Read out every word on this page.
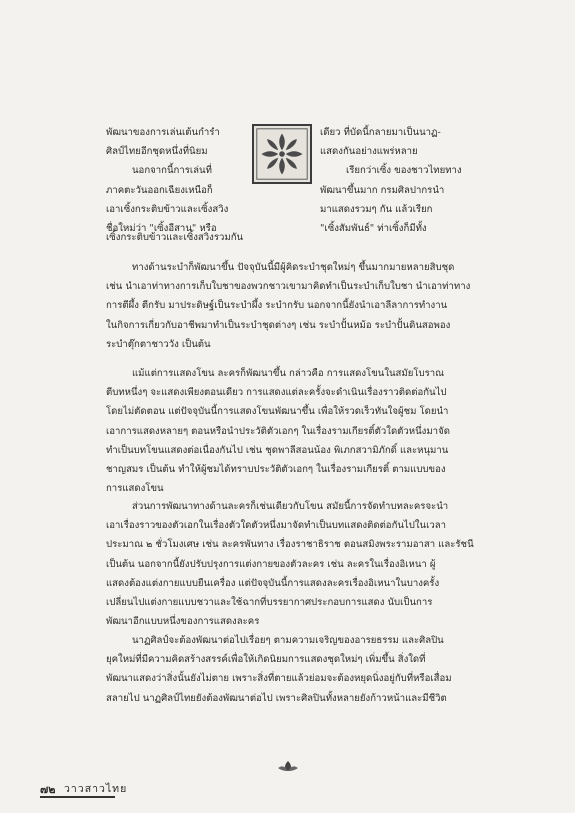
พัฒนาของการเล่นเต้นกำรำ
ศิลป์ไทยอีกชุดหนึ่งที่นิยม
นอกจากนี้การเล่นที่
ภาคตะวันออกเฉียงเหนือก็
เอาเซิ้งกระติบข้าวและเซิ้งสวิง
ชื่อใหม่ว่า "เซิ้งอีสาน" หรือ
เดียว ที่บัดนี้กลายมาเป็นนาฏ-
แสดงกันอย่างแพร่หลาย
เรียกว่าเซิ้ง ของชาวไทยทาง
พัฒนาขึ้นมาก กรมศิลปากรนำ
มาแสดงรวมๆ กัน แล้วเรียก
"เซิ้งสัมพันธ์" ท่าเซิ้งก็มีทั้ง
เซิ้งกระติบข้าวและเซิ้งสวิงรวมกัน
ทางด้านระบำก็พัฒนาขึ้น ปัจจุบันนี้มีผู้คิดระบำชุดใหม่ๆ ขึ้นมากมายหลายสิบชุด
เช่น นำเอาท่าทางการเก็บใบชาของพวกชาวเขามาคิดทำเป็นระบำเก็บใบชา นำเอาท่าทาง
การตีผึ้ง ตีกรับ มาประดิษฐ์เป็นระบำผึ้ง ระบำกรับ นอกจากนี้ยังนำเอาลีลาการทำงาน
ในกิจการเกี่ยวกับอาชีพมาทำเป็นระบำชุดต่างๆ เช่น ระบำปั้นหม้อ ระบำปั้นดินสอพอง
ระบำตุ๊กตาชาววัง เป็นต้น
แม้แต่การแสดงโขน ละครก็พัฒนาขึ้น กล่าวคือ การแสดงโขนในสมัยโบราณ
ตีบทหนึ่งๆ จะแสดงเพียงตอนเดียว การแสดงแต่ละครั้งจะดำเนินเรื่องราวติดต่อกันไป
โดยไม่ตัดตอน แต่ปัจจุบันนี้การแสดงโขนพัฒนาขึ้น เพื่อให้รวดเร็วทันใจผู้ชม โดยนำ
เอาการแสดงหลายๆ ตอนหรือนำประวัติตัวเอกๆ ในเรื่องรามเกียรติ์ตัวใดตัวหนึ่งมาจัด
ทำเป็นบทโขนแสดงต่อเนื่องกันไป เช่น ชุดพาลีสอนน้อง พิเภกสวามิภักดิ์ และหนุมาน
ชาญสมร เป็นต้น ทำให้ผู้ชมได้ทราบประวัติตัวเอกๆ ในเรื่องรามเกียรติ์ ตามแบบของ
การแสดงโขน
ส่วนการพัฒนาทางด้านละครก็เช่นเดียวกับโขน สมัยนี้การจัดทำบทละครจะนำ
เอาเรื่องราวของตัวเอกในเรื่องตัวใดตัวหนึ่งมาจัดทำเป็นบทแสดงติดต่อกันไปในเวลา
ประมาณ ๒ ชั่วโมงเศษ เช่น ละครพันทาง เรื่องราชาธิราช ตอนสมิงพระรามอาสา และรัชนี
เป็นต้น นอกจากนี้ยังปรับปรุงการแต่งกายของตัวละคร เช่น ละครในเรื่องอิเหนา ผู้
แสดงต้องแต่งกายแบบยืนเครื่อง แต่ปัจจุบันนี้การแสดงละครเรื่องอิเหนาในบางครั้ง
เปลี่ยนไปแต่งกายแบบชวาและใช้ฉากที่บรรยากาศประกอบการแสดง นับเป็นการ
พัฒนาอีกแบบหนึ่งของการแสดงละคร
นาฏศิลป์จะต้องพัฒนาต่อไปเรื่อยๆ ตามความเจริญของอารยธรรม และศิลปิน
ยุคใหม่ที่มีความคิดสร้างสรรค์เพื่อให้เกิดนิยมการแสดงชุดใหม่ๆ เพิ่มขึ้น สิ่งใดที่
พัฒนาแสดงว่าสิ่งนั้นยังไม่ตาย เพราะสิ่งที่ตายแล้วย่อมจะต้องหยุดนิ่งอยู่กับที่หรือเสื่อม
สลายไป นาฏศิลป์ไทยยังต้องพัฒนาต่อไป เพราะศิลปินทั้งหลายยังก้าวหน้าและมีชีวิต
๗๒ วาวสาวไทย
